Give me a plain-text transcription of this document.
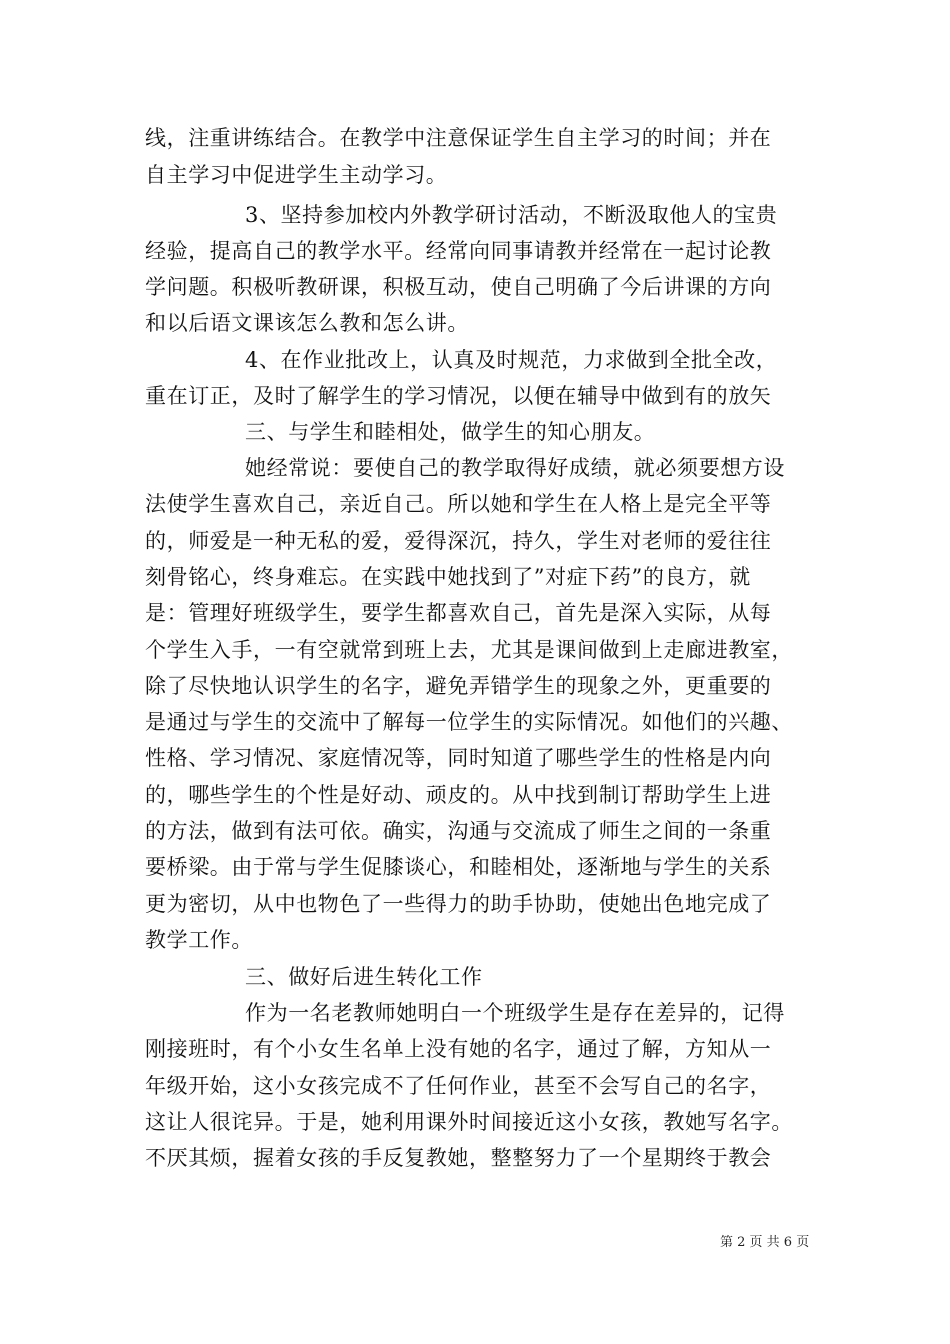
线，注重讲练结合。在教学中注意保证学生自主学习的时间；并在
自主学习中促进学生主动学习。
3、坚持参加校内外教学研讨活动，不断汲取他人的宝贵
经验，提高自己的教学水平。经常向同事请教并经常在一起讨论教
学问题。积极听教研课，积极互动，使自己明确了今后讲课的方向
和以后语文课该怎么教和怎么讲。
4、在作业批改上，认真及时规范，力求做到全批全改，
重在订正，及时了解学生的学习情况，以便在辅导中做到有的放矢
三、与学生和睦相处，做学生的知心朋友。
她经常说：要使自己的教学取得好成绩，就必须要想方设
法使学生喜欢自己，亲近自己。所以她和学生在人格上是完全平等
的，师爱是一种无私的爱，爱得深沉，持久，学生对老师的爱往往
刻骨铭心，终身难忘。在实践中她找到了”对症下药”的良方，就
是：管理好班级学生，要学生都喜欢自己，首先是深入实际，从每
个学生入手，一有空就常到班上去，尤其是课间做到上走廊进教室，
除了尽快地认识学生的名字，避免弄错学生的现象之外，更重要的
是通过与学生的交流中了解每一位学生的实际情况。如他们的兴趣、
性格、学习情况、家庭情况等，同时知道了哪些学生的性格是内向
的，哪些学生的个性是好动、顽皮的。从中找到制订帮助学生上进
的方法，做到有法可依。确实，沟通与交流成了师生之间的一条重
要桥梁。由于常与学生促膝谈心，和睦相处，逐渐地与学生的关系
更为密切，从中也物色了一些得力的助手协助，使她出色地完成了
教学工作。
三、做好后进生转化工作
作为一名老教师她明白一个班级学生是存在差异的，记得
刚接班时，有个小女生名单上没有她的名字，通过了解，方知从一
年级开始，这小女孩完成不了任何作业，甚至不会写自己的名字，
这让人很诧异。于是，她利用课外时间接近这小女孩，教她写名字。
不厌其烦，握着女孩的手反复教她，整整努力了一个星期终于教会
第 2 页 共 6 页
